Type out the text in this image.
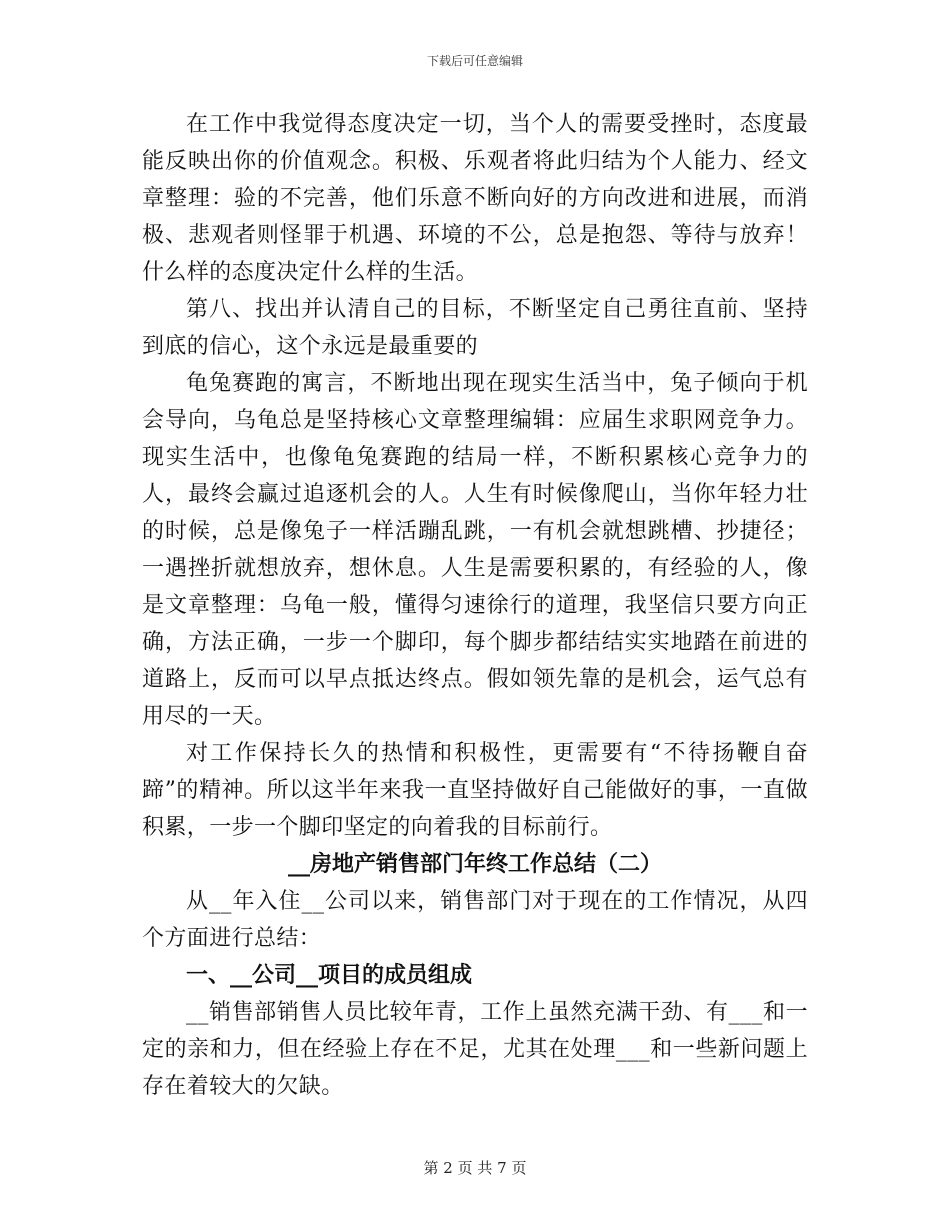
下载后可任意编辑

在工作中我觉得态度决定一切，当个人的需要受挫时，态度最能反映出你的价值观念。积极、乐观者将此归结为个人能力、经文章整理：验的不完善，他们乐意不断向好的方向改进和进展，而消极、悲观者则怪罪于机遇、环境的不公，总是抱怨、等待与放弃！什么样的态度决定什么样的生活。

第八、找出并认清自己的目标，不断坚定自己勇往直前、坚持到底的信心，这个永远是最重要的

龟兔赛跑的寓言，不断地出现在现实生活当中，兔子倾向于机会导向，乌龟总是坚持核心文章整理编辑：应届生求职网竞争力。现实生活中，也像龟兔赛跑的结局一样，不断积累核心竞争力的人，最终会赢过追逐机会的人。人生有时候像爬山，当你年轻力壮的时候，总是像兔子一样活蹦乱跳，一有机会就想跳槽、抄捷径；一遇挫折就想放弃，想休息。人生是需要积累的，有经验的人，像是文章整理：乌龟一般，懂得匀速徐行的道理，我坚信只要方向正确，方法正确，一步一个脚印，每个脚步都结结实实地踏在前进的道路上，反而可以早点抵达终点。假如领先靠的是机会，运气总有用尽的一天。

对工作保持长久的热情和积极性，更需要有“不待扬鞭自奋蹄”的精神。所以这半年来我一直坚持做好自己能做好的事，一直做积累，一步一个脚印坚定的向着我的目标前行。

__房地产销售部门年终工作总结（二）

从__年入住__公司以来，销售部门对于现在的工作情况，从四个方面进行总结：

一、__公司__项目的成员组成

__销售部销售人员比较年青，工作上虽然充满干劲、有___和一定的亲和力，但在经验上存在不足，尤其在处理___和一些新问题上存在着较大的欠缺。

第 2 页 共 7 页
